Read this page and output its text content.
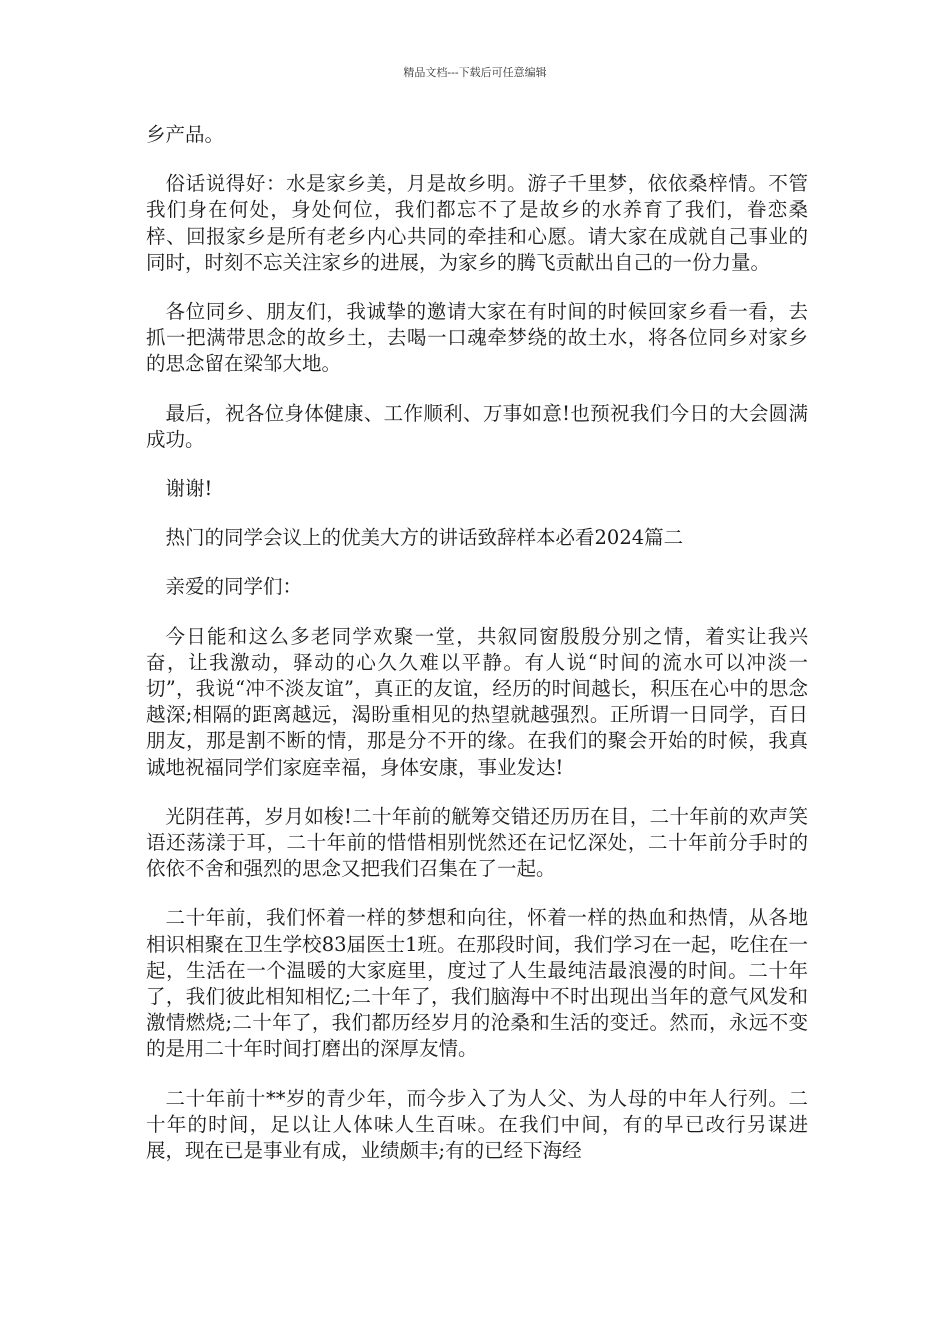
精品文档---下载后可任意编辑

乡产品。

俗话说得好：水是家乡美，月是故乡明。游子千里梦，依依桑梓情。不管我们身在何处，身处何位，我们都忘不了是故乡的水养育了我们，眷恋桑梓、回报家乡是所有老乡内心共同的牵挂和心愿。请大家在成就自己事业的同时，时刻不忘关注家乡的进展，为家乡的腾飞贡献出自己的一份力量。

各位同乡、朋友们，我诚挚的邀请大家在有时间的时候回家乡看一看，去抓一把满带思念的故乡土，去喝一口魂牵梦绕的故土水，将各位同乡对家乡的思念留在梁邹大地。

最后，祝各位身体健康、工作顺利、万事如意!也预祝我们今日的大会圆满成功。

谢谢!

热门的同学会议上的优美大方的讲话致辞样本必看2024篇二

亲爱的同学们：

今日能和这么多老同学欢聚一堂，共叙同窗殷殷分别之情，着实让我兴奋，让我激动，驿动的心久久难以平静。有人说“时间的流水可以冲淡一切”，我说“冲不淡友谊”，真正的友谊，经历的时间越长，积压在心中的思念越深;相隔的距离越远，渴盼重相见的热望就越强烈。正所谓一日同学，百日朋友，那是割不断的情，那是分不开的缘。在我们的聚会开始的时候，我真诚地祝福同学们家庭幸福，身体安康，事业发达!

光阴荏苒，岁月如梭!二十年前的觥筹交错还历历在目，二十年前的欢声笑语还荡漾于耳，二十年前的惜惜相别恍然还在记忆深处，二十年前分手时的依依不舍和强烈的思念又把我们召集在了一起。

二十年前，我们怀着一样的梦想和向往，怀着一样的热血和热情，从各地相识相聚在卫生学校83届医士1班。在那段时间，我们学习在一起，吃住在一起，生活在一个温暖的大家庭里，度过了人生最纯洁最浪漫的时间。二十年了，我们彼此相知相忆;二十年了，我们脑海中不时出现出当年的意气风发和激情燃烧;二十年了，我们都历经岁月的沧桑和生活的变迁。然而，永远不变的是用二十年时间打磨出的深厚友情。

二十年前十**岁的青少年，而今步入了为人父、为人母的中年人行列。二十年的时间，足以让人体味人生百味。在我们中间，有的早已改行另谋进展，现在已是事业有成，业绩颇丰;有的已经下海经
